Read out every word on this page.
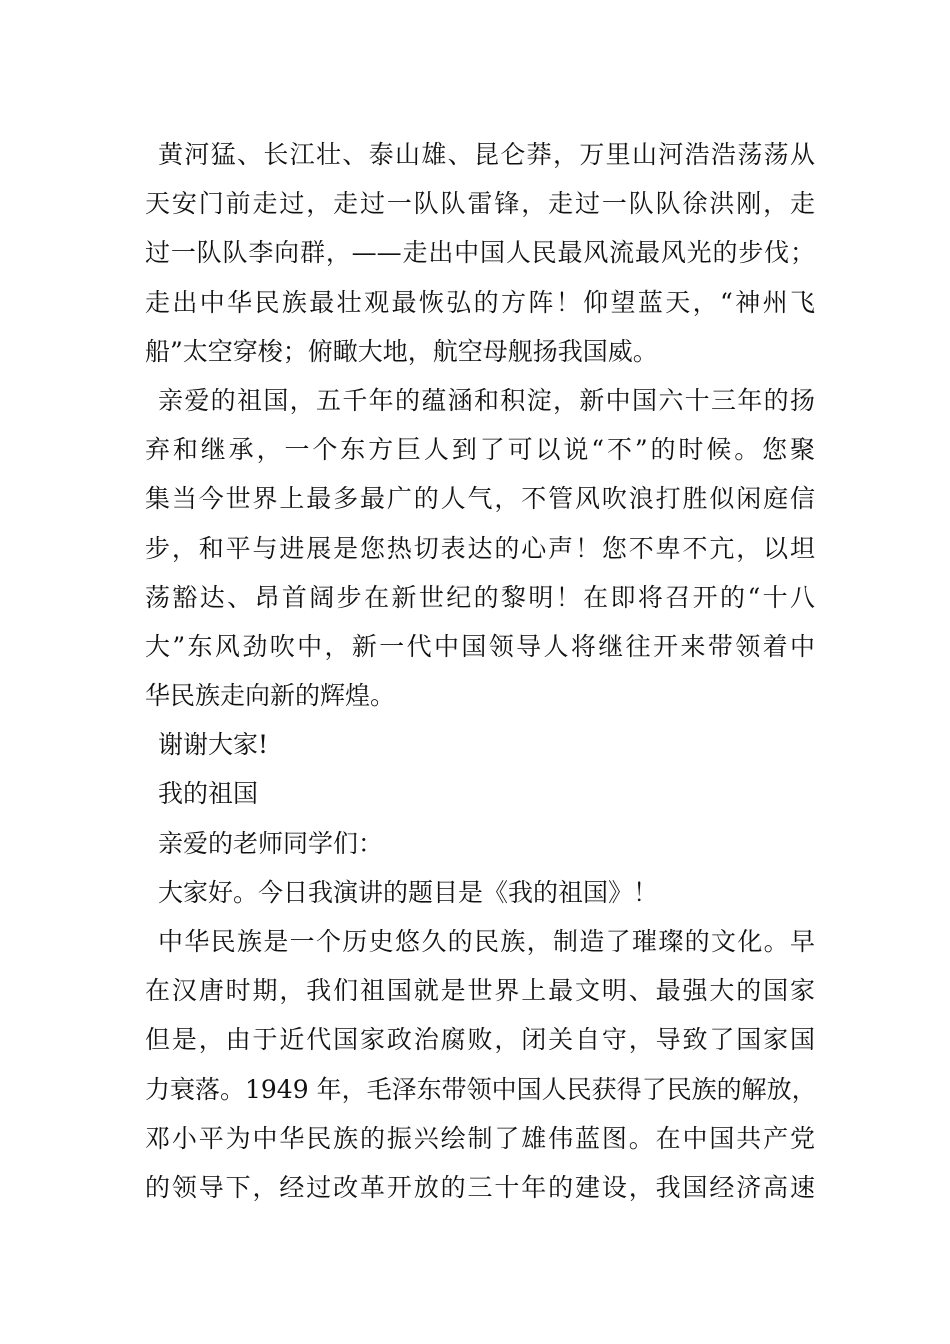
黄河猛、长江壮、泰山雄、昆仑莽，万里山河浩浩荡荡从
天安门前走过，走过一队队雷锋，走过一队队徐洪刚，走
过一队队李向群，——走出中国人民最风流最风光的步伐；
走出中华民族最壮观最恢弘的方阵！仰望蓝天，“神州飞
船”太空穿梭；俯瞰大地，航空母舰扬我国威。
亲爱的祖国，五千年的蕴涵和积淀，新中国六十三年的扬
弃和继承，一个东方巨人到了可以说“不”的时候。您聚
集当今世界上最多最广的人气，不管风吹浪打胜似闲庭信
步，和平与进展是您热切表达的心声！您不卑不亢，以坦
荡豁达、昂首阔步在新世纪的黎明！在即将召开的“十八
大”东风劲吹中，新一代中国领导人将继往开来带领着中
华民族走向新的辉煌。
谢谢大家!
我的祖国
亲爱的老师同学们：
大家好。今日我演讲的题目是《我的祖国》！
中华民族是一个历史悠久的民族，制造了璀璨的文化。早
在汉唐时期，我们祖国就是世界上最文明、最强大的国家
但是，由于近代国家政治腐败，闭关自守，导致了国家国
力衰落。1949 年，毛泽东带领中国人民获得了民族的解放，
邓小平为中华民族的振兴绘制了雄伟蓝图。在中国共产党
的领导下，经过改革开放的三十年的建设，我国经济高速
